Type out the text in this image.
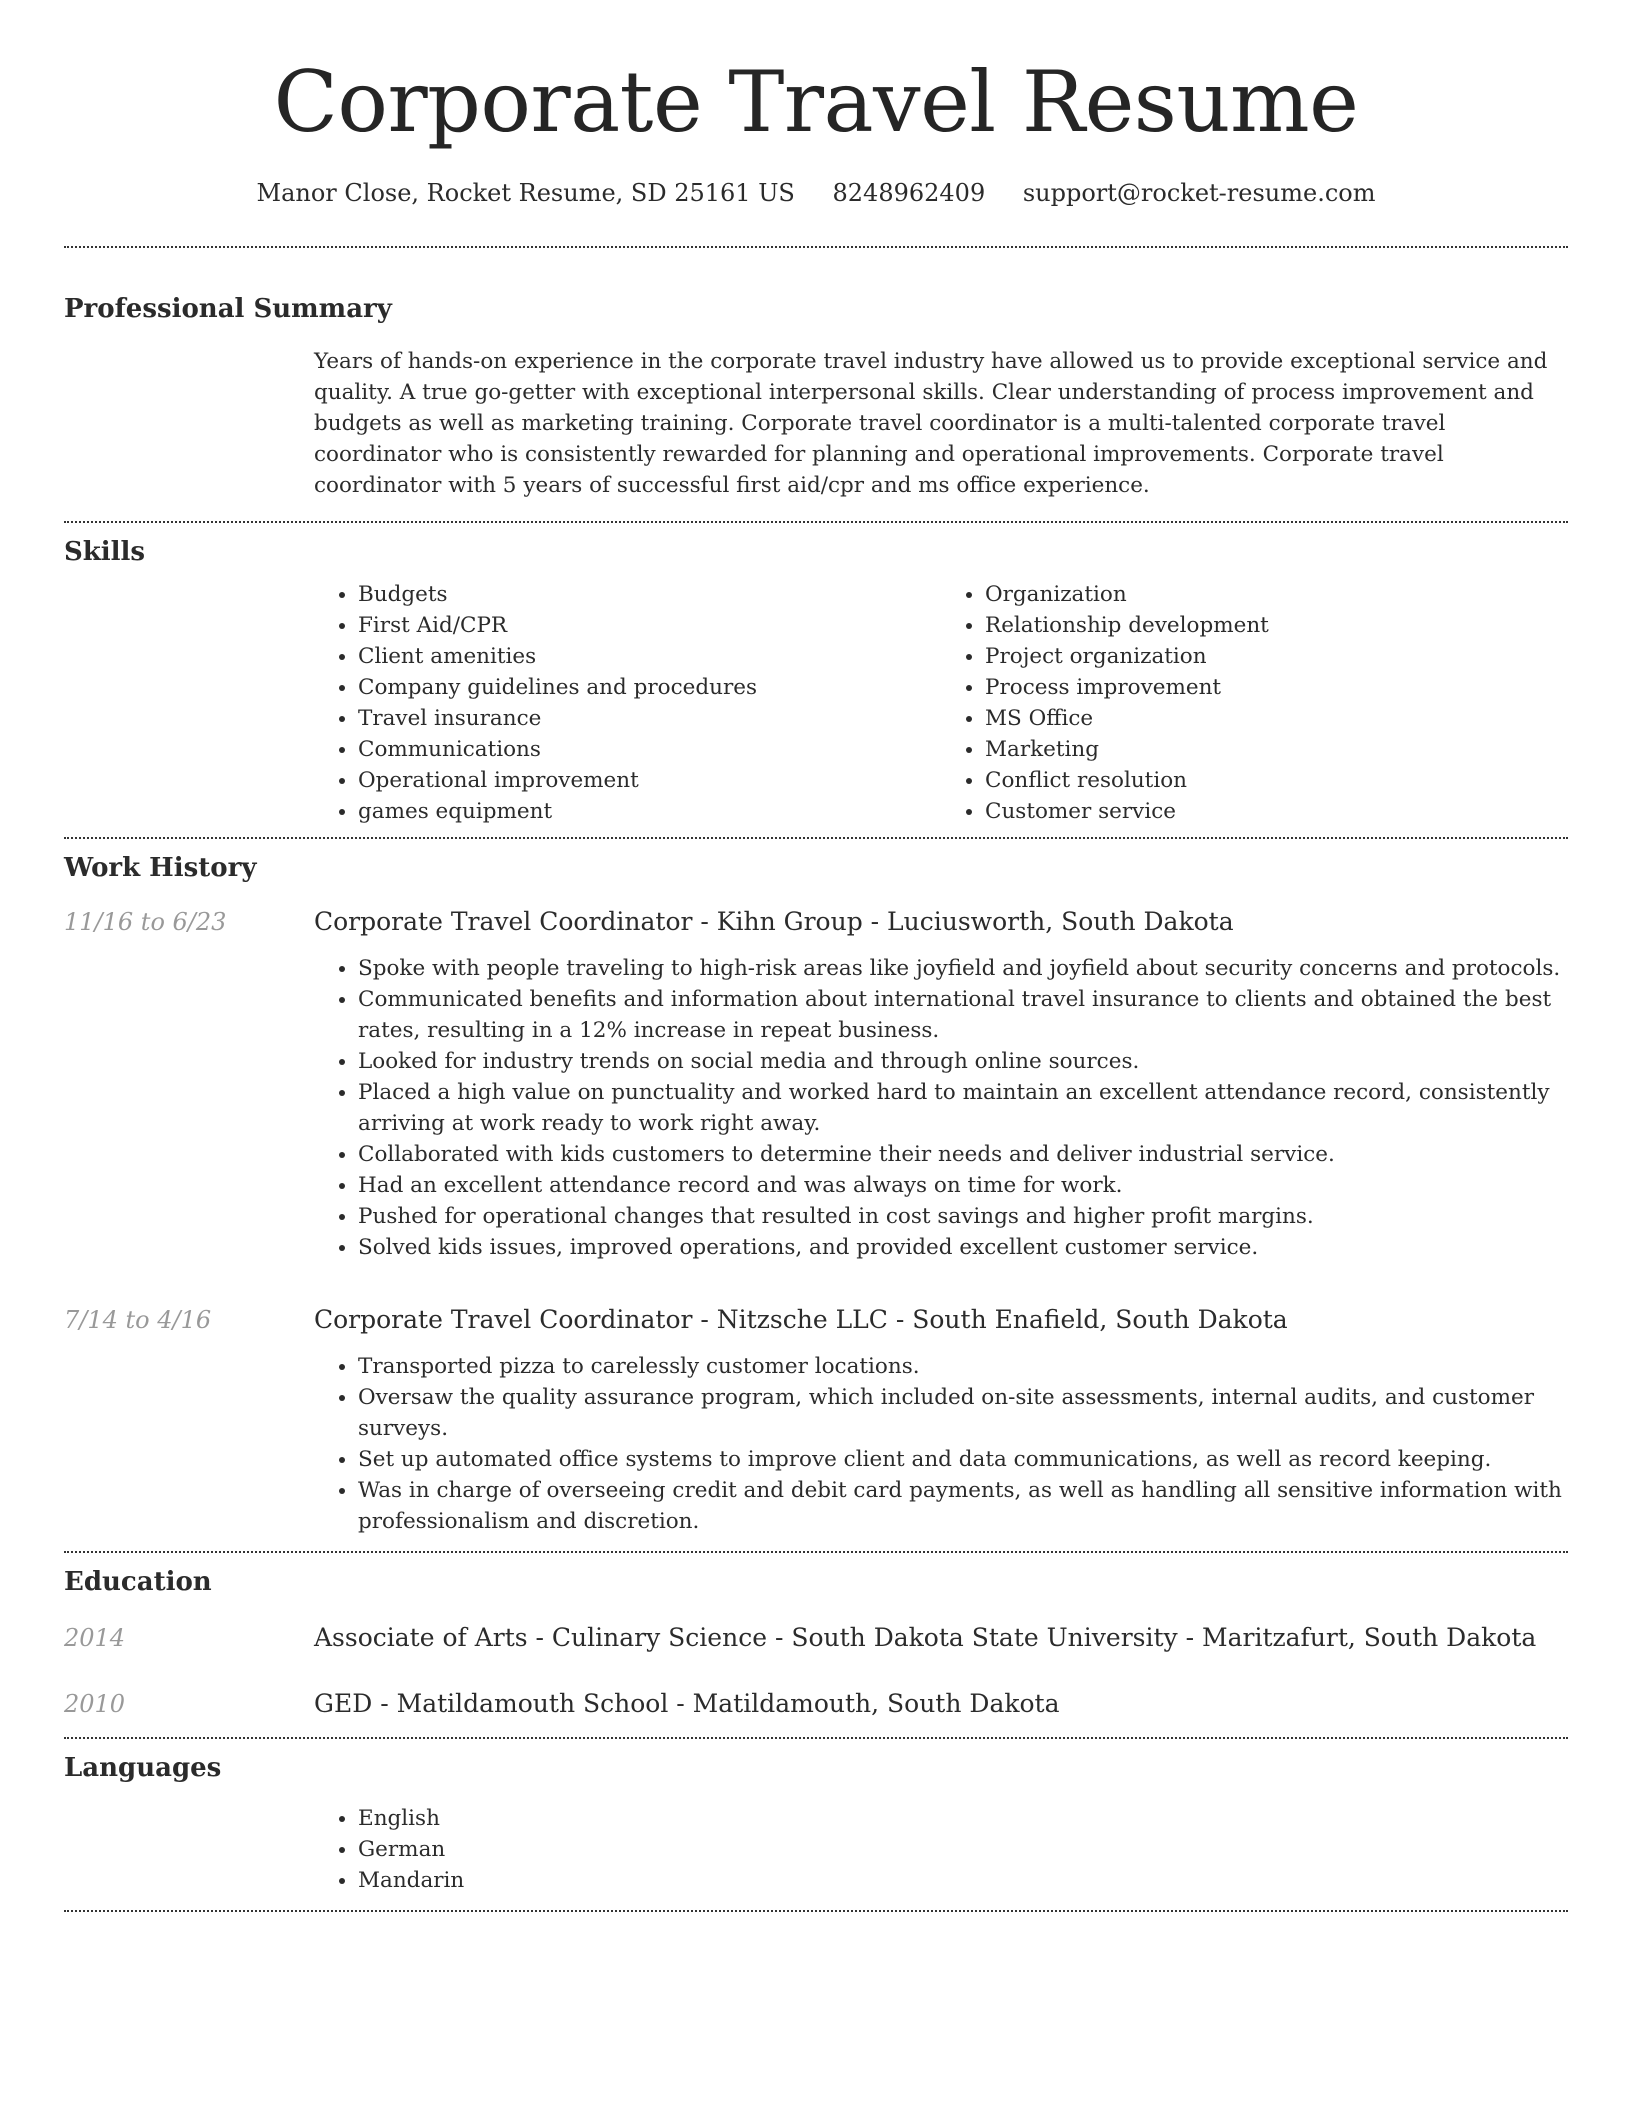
Corporate Travel Resume
Manor Close, Rocket Resume, SD 25161 US 8248962409 support@rocket-resume.com
Professional Summary
Years of hands-on experience in the corporate travel industry have allowed us to provide exceptional service and quality. A true go-getter with exceptional interpersonal skills. Clear understanding of process improvement and budgets as well as marketing training. Corporate travel coordinator is a multi-talented corporate travel coordinator who is consistently rewarded for planning and operational improvements. Corporate travel coordinator with 5 years of successful first aid/cpr and ms office experience.
Skills
• Budgets
• First Aid/CPR
• Client amenities
• Company guidelines and procedures
• Travel insurance
• Communications
• Operational improvement
• games equipment
• Organization
• Relationship development
• Project organization
• Process improvement
• MS Office
• Marketing
• Conflict resolution
• Customer service
Work History
11/16 to 6/23	Corporate Travel Coordinator - Kihn Group - Luciusworth, South Dakota
• Spoke with people traveling to high-risk areas like joyfield and joyfield about security concerns and protocols.
• Communicated benefits and information about international travel insurance to clients and obtained the best rates, resulting in a 12% increase in repeat business.
• Looked for industry trends on social media and through online sources.
• Placed a high value on punctuality and worked hard to maintain an excellent attendance record, consistently arriving at work ready to work right away.
• Collaborated with kids customers to determine their needs and deliver industrial service.
• Had an excellent attendance record and was always on time for work.
• Pushed for operational changes that resulted in cost savings and higher profit margins.
• Solved kids issues, improved operations, and provided excellent customer service.
7/14 to 4/16	Corporate Travel Coordinator - Nitzsche LLC - South Enafield, South Dakota
• Transported pizza to carelessly customer locations.
• Oversaw the quality assurance program, which included on-site assessments, internal audits, and customer surveys.
• Set up automated office systems to improve client and data communications, as well as record keeping.
• Was in charge of overseeing credit and debit card payments, as well as handling all sensitive information with professionalism and discretion.
Education
2014	Associate of Arts - Culinary Science - South Dakota State University - Maritzafurt, South Dakota
2010	GED - Matildamouth School - Matildamouth, South Dakota
Languages
• English
• German
• Mandarin
